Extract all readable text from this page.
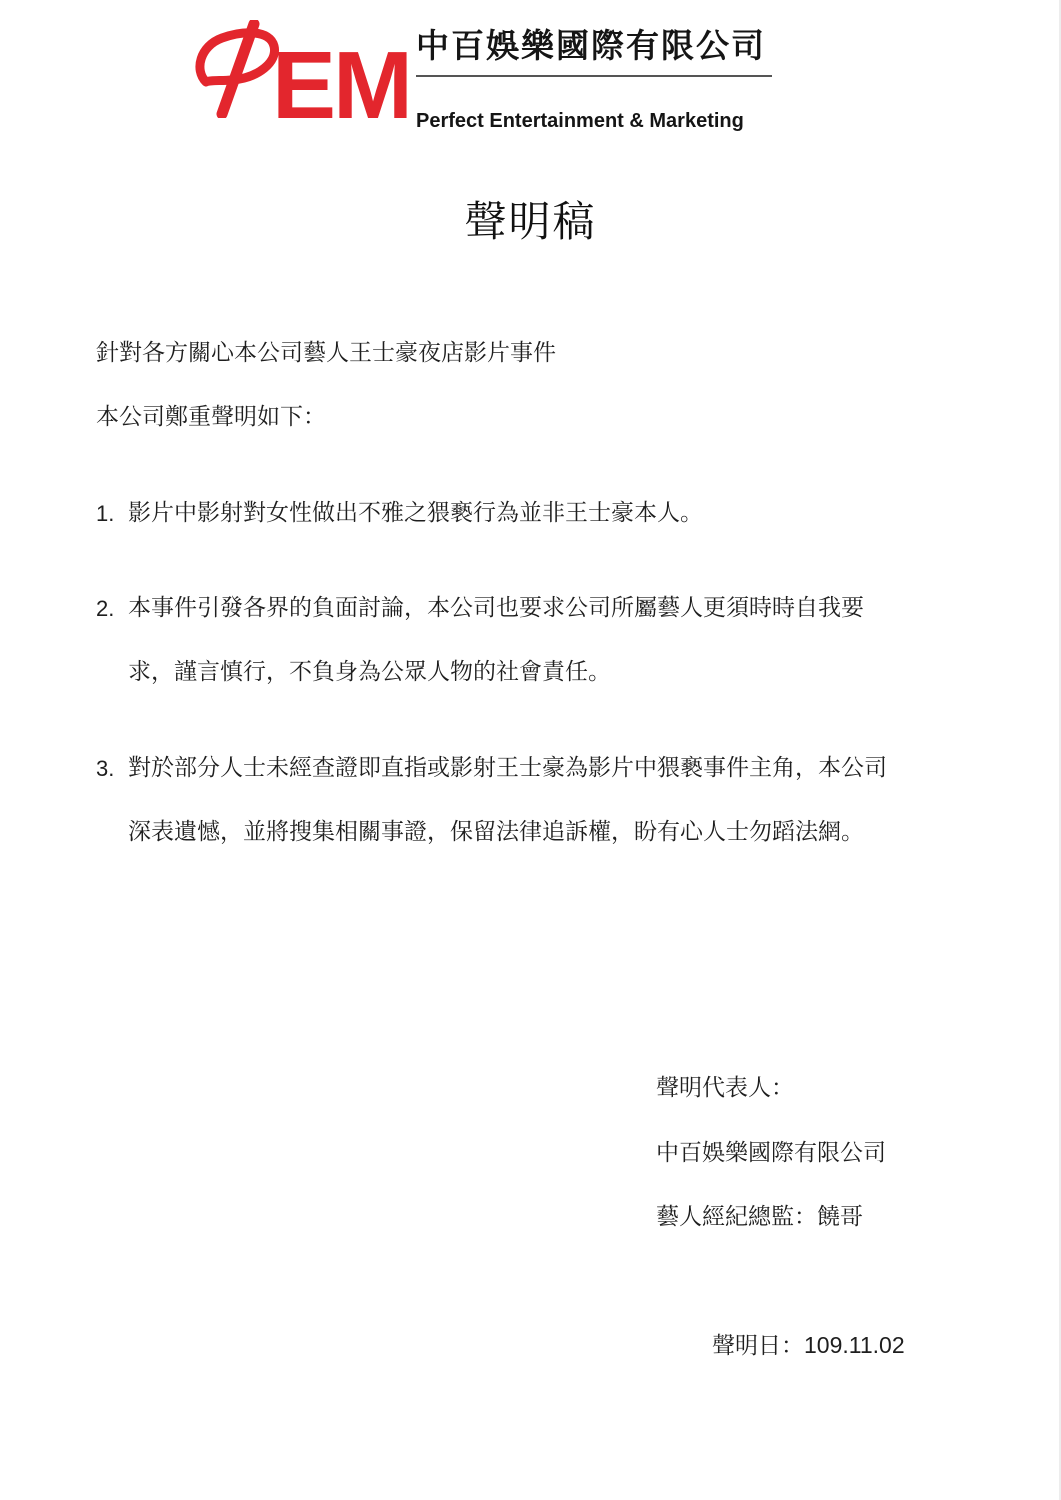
EM 中百娛樂國際有限公司
Perfect Entertainment & Marketing
聲明稿
針對各方關心本公司藝人王士豪夜店影片事件
本公司鄭重聲明如下：
1. 影片中影射對女性做出不雅之猥褻行為並非王士豪本人。
2. 本事件引發各界的負面討論，本公司也要求公司所屬藝人更須時時自我要
求，謹言慎行，不負身為公眾人物的社會責任。
3. 對於部分人士未經查證即直指或影射王士豪為影片中猥褻事件主角，本公司
深表遺憾，並將搜集相關事證，保留法律追訴權，盼有心人士勿蹈法網。
聲明代表人：
中百娛樂國際有限公司
藝人經紀總監：饒哥
聲明日：109.11.02
